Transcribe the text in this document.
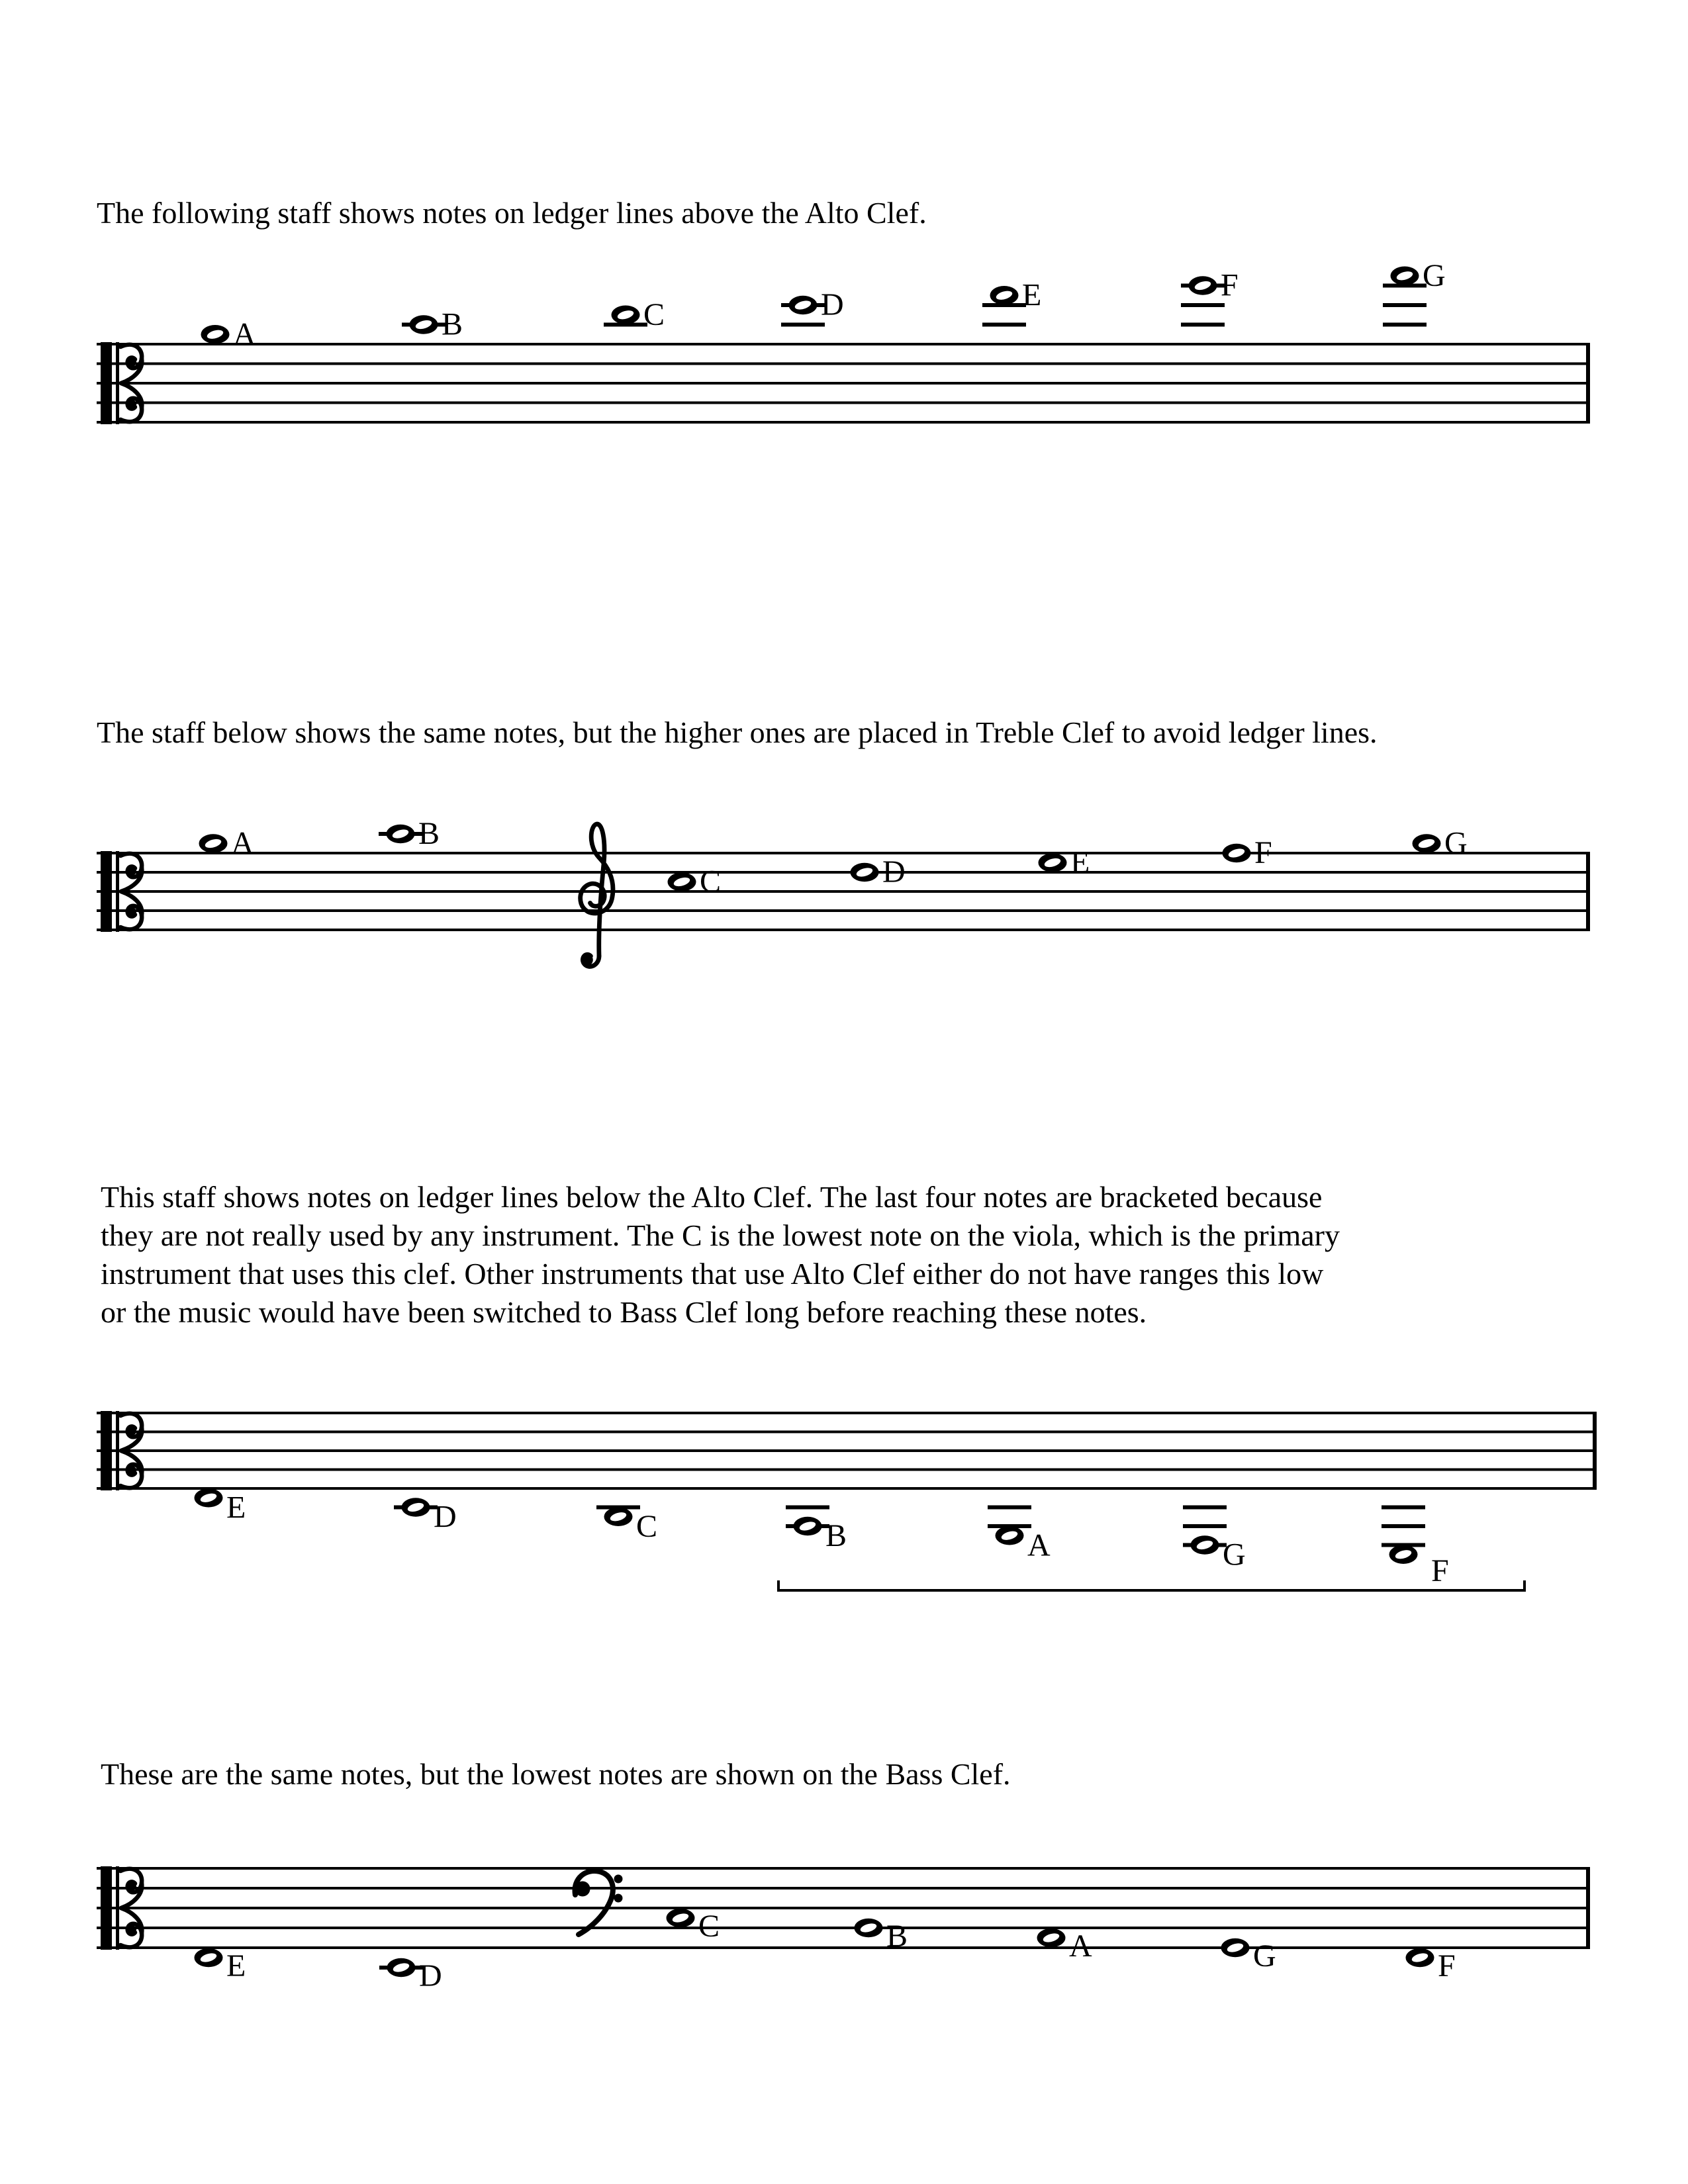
The following staff shows notes on ledger lines above the Alto Clef.
The staff below shows the same notes, but the higher ones are placed in Treble Clef to avoid ledger lines.
This staff shows notes on ledger lines below the Alto Clef. The last four notes are bracketed because
they are not really used by any instrument. The C is the lowest note on the viola, which is the primary
instrument that uses this clef. Other instruments that use Alto Clef either do not have ranges this low
or the music would have been switched to Bass Clef long before reaching these notes.
These are the same notes, but the lowest notes are shown on the Bass Clef.
A	B	C	D	E	F	G
A	B
C	D	E	F	G
E	D	C	B	A	G	F
E	D
C	B	A	G	F
